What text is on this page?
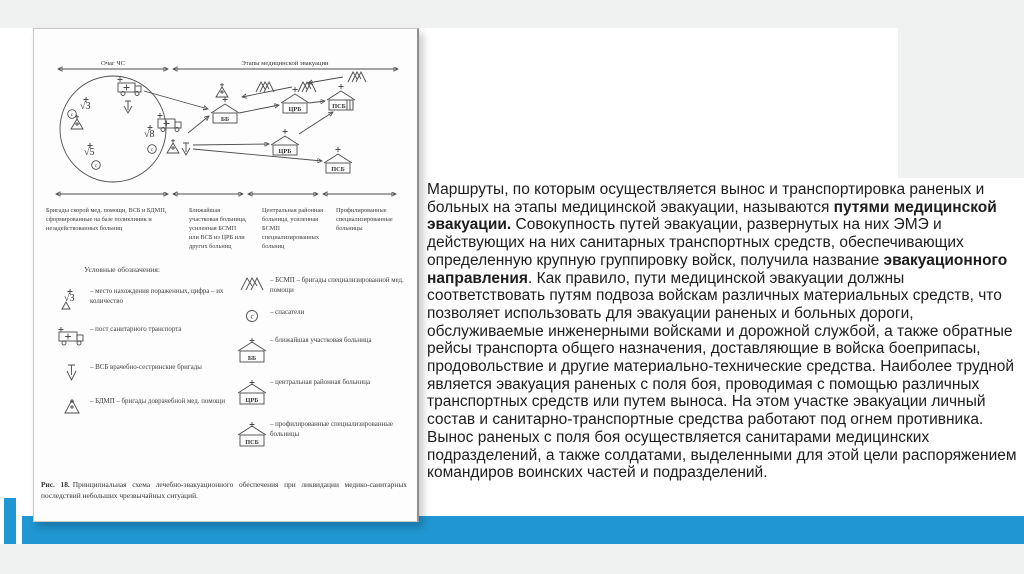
Очаг ЧС	Этапы медицинской эвакуации
с
√3
√5
с
√8
с
ББ
ЦРБ	ПСБ
ЦРБ
ПСБ
Бригады скорой мед. помощи, ВСБ и БДМП, сформированные на базе поликлиник и незадействованных больниц
Ближайшая участковая больница, усиленная БСМП или ВСБ из ЦРБ или других больниц
Центральная районная больница, усиленная БСМП специализированных больниц
Профилированные специализированные больницы
Условные обозначения:
√3
– место нахождения пораженных, цифра – их количество
– пост санитарного транспорта
– ВСБ врачебно-сестринские бригады
– БДМП – бригады доврачебной мед. помощи
– БСМП – бригады специализированной мед. помощи
с – спасатели
ББ
– ближайшая участковая больница
ЦРБ
– центральная районная больница
ПСБ
– профилированные специализированные больницы
Рис. 18. Принципиальная схема лечебно-эвакуационного обеспечения при ликвидации медико-санитарных последствий небольших чрезвычайных ситуаций.
Маршруты, по которым осуществляется вынос и транспортировка раненых и больных на этапы медицинской эвакуации, называются путями медицинской эвакуации. Совокупность путей эвакуации, развернутых на них ЭМЭ и действующих на них санитарных транспортных средств, обеспечивающих определенную крупную группировку войск, получила название эвакуационного направления. Как правило, пути медицинской эвакуации должны соответствовать путям подвоза войскам различных материальных средств, что позволяет использовать для эвакуации раненых и больных дороги, обслуживаемые инженерными войсками и дорожной службой, а также обратные рейсы транспорта общего назначения, доставляющие в войска боеприпасы, продовольствие и другие материально-технические средства. Наиболее трудной является эвакуация раненых с поля боя, проводимая с помощью различных транспортных средств или путем выноса. На этом участке эвакуации личный состав и санитарно-транспортные средства работают под огнем противника. Вынос раненых с поля боя осуществляется санитарами медицинских подразделений, а также солдатами, выделенными для этой цели распоряжением командиров воинских частей и подразделений.
